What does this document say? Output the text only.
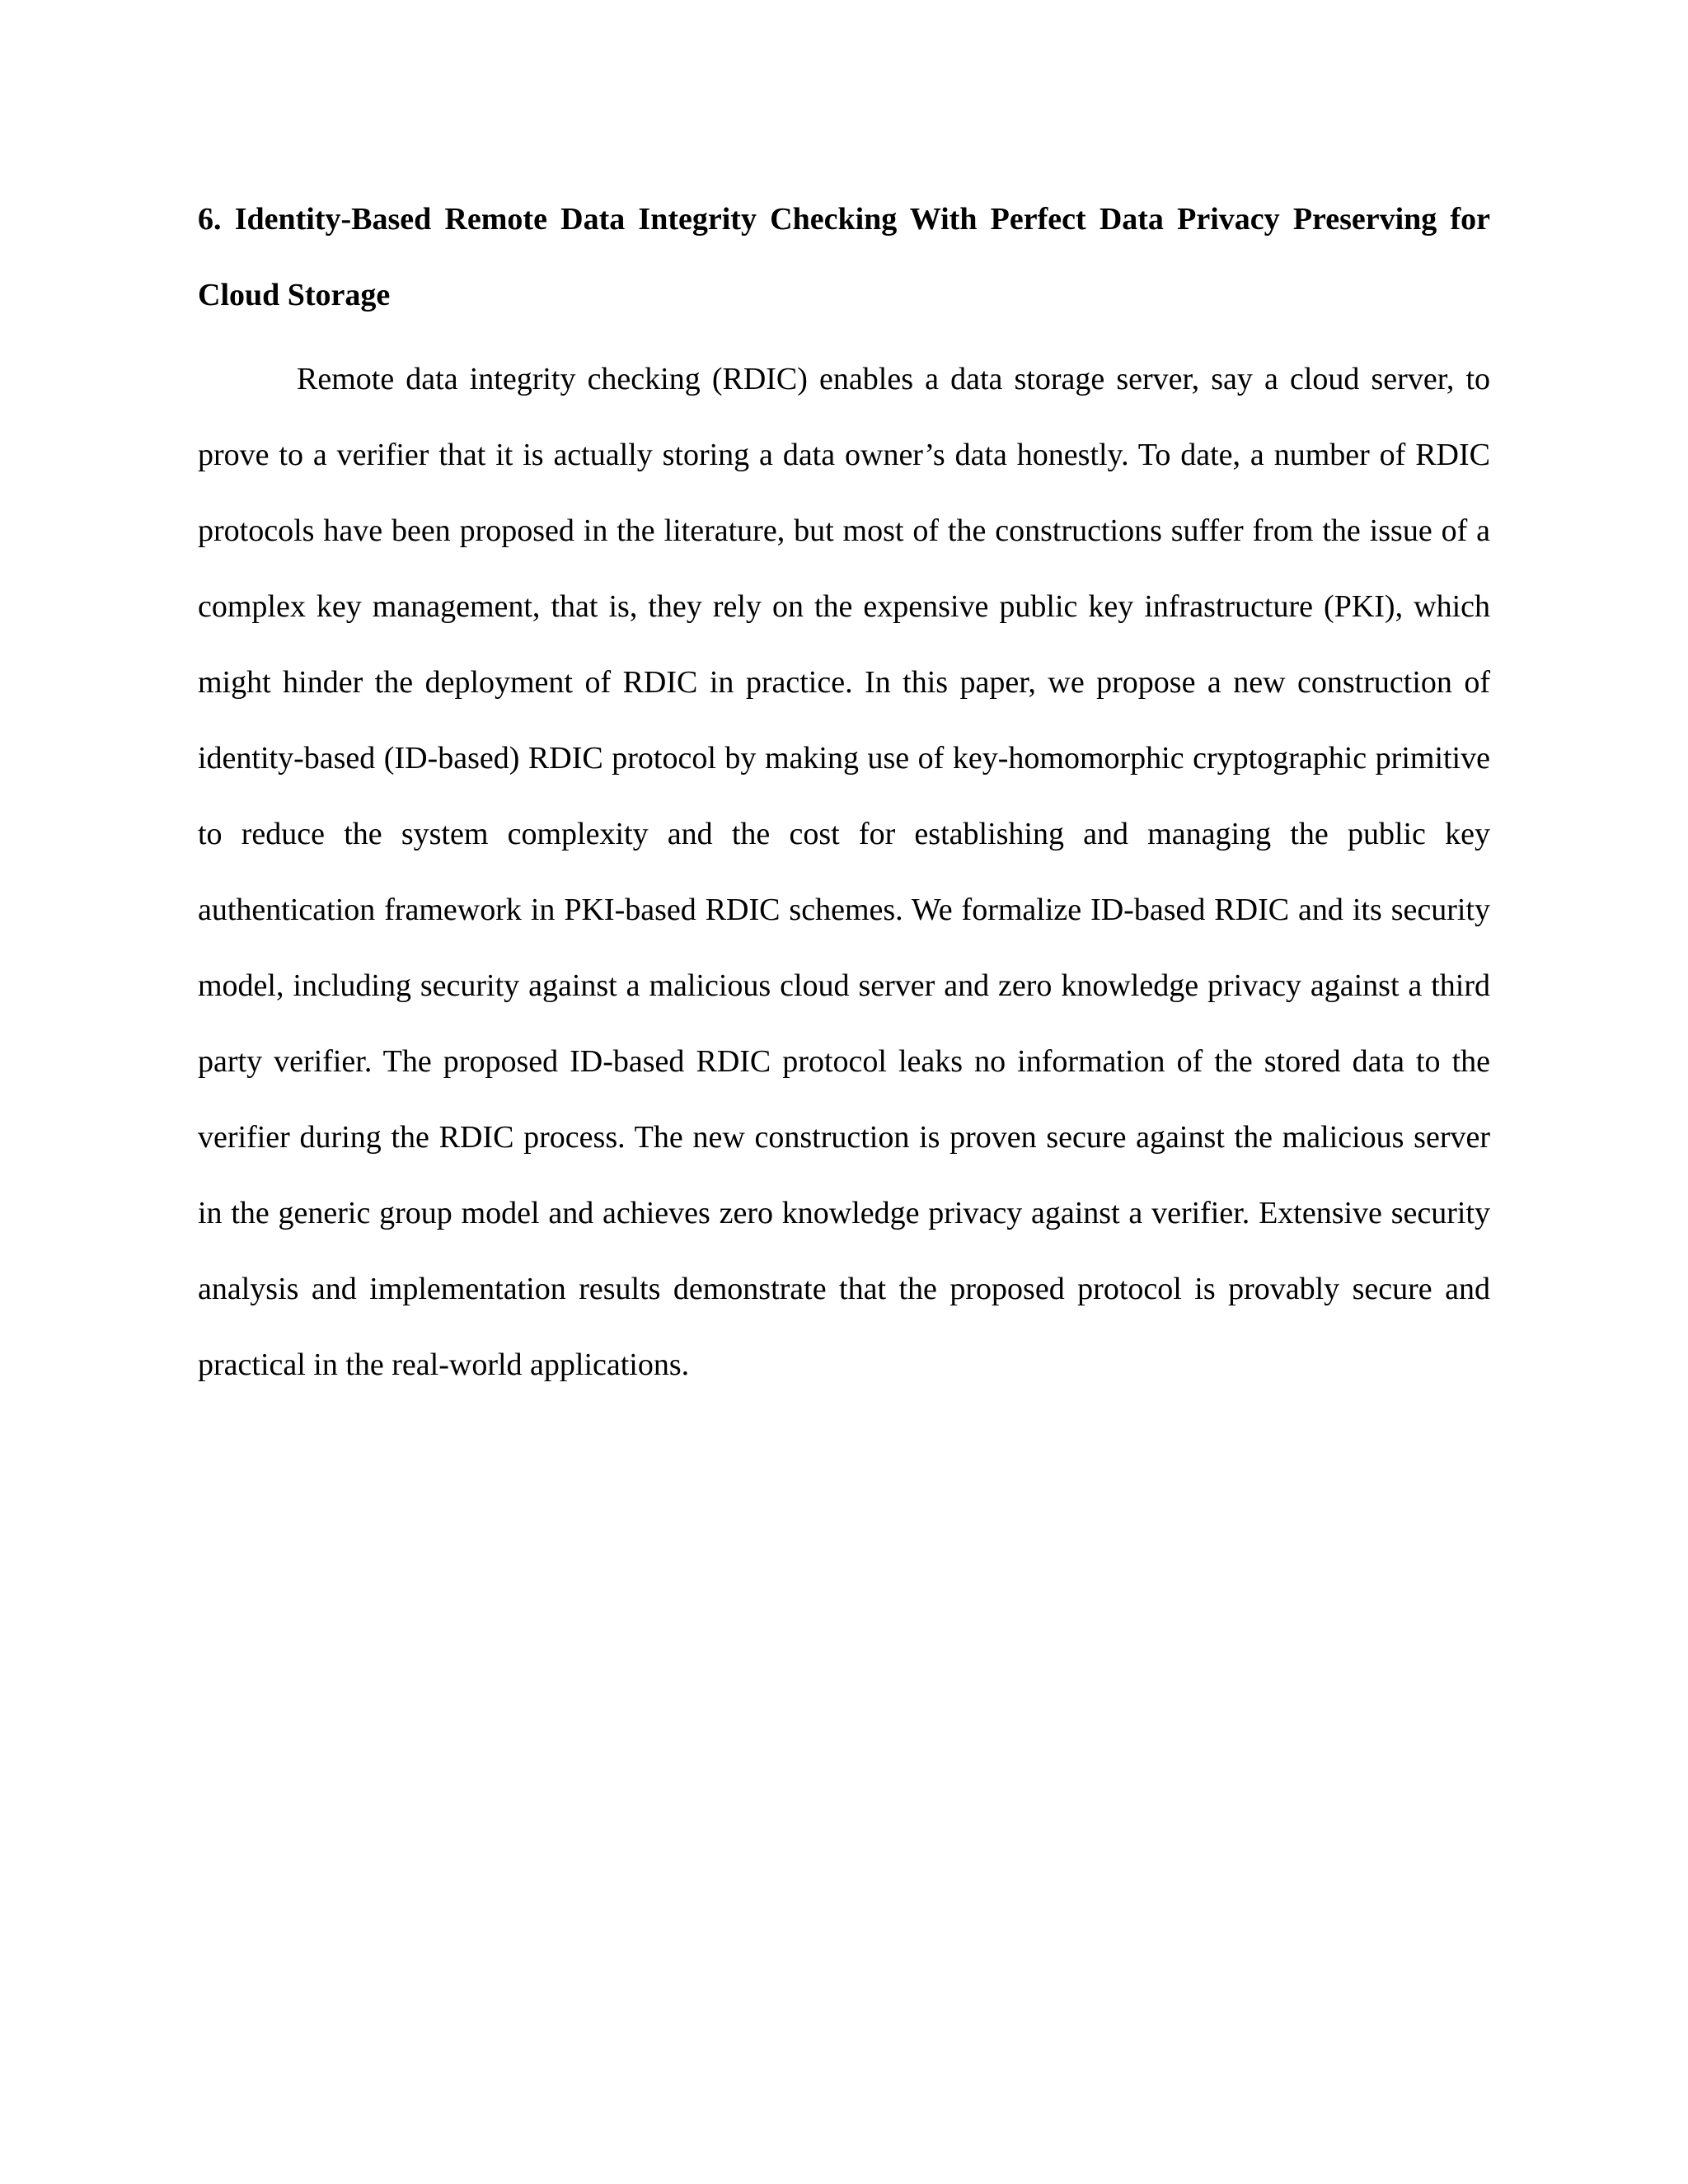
6. Identity-Based Remote Data Integrity Checking With Perfect Data Privacy Preserving for Cloud Storage

Remote data integrity checking (RDIC) enables a data storage server, say a cloud server, to prove to a verifier that it is actually storing a data owner’s data honestly. To date, a number of RDIC protocols have been proposed in the literature, but most of the constructions suffer from the issue of a complex key management, that is, they rely on the expensive public key infrastructure (PKI), which might hinder the deployment of RDIC in practice. In this paper, we propose a new construction of identity-based (ID-based) RDIC protocol by making use of key-homomorphic cryptographic primitive to reduce the system complexity and the cost for establishing and managing the public key authentication framework in PKI-based RDIC schemes. We formalize ID-based RDIC and its security model, including security against a malicious cloud server and zero knowledge privacy against a third party verifier. The proposed ID-based RDIC protocol leaks no information of the stored data to the verifier during the RDIC process. The new construction is proven secure against the malicious server in the generic group model and achieves zero knowledge privacy against a verifier. Extensive security analysis and implementation results demonstrate that the proposed protocol is provably secure and practical in the real-world applications.
